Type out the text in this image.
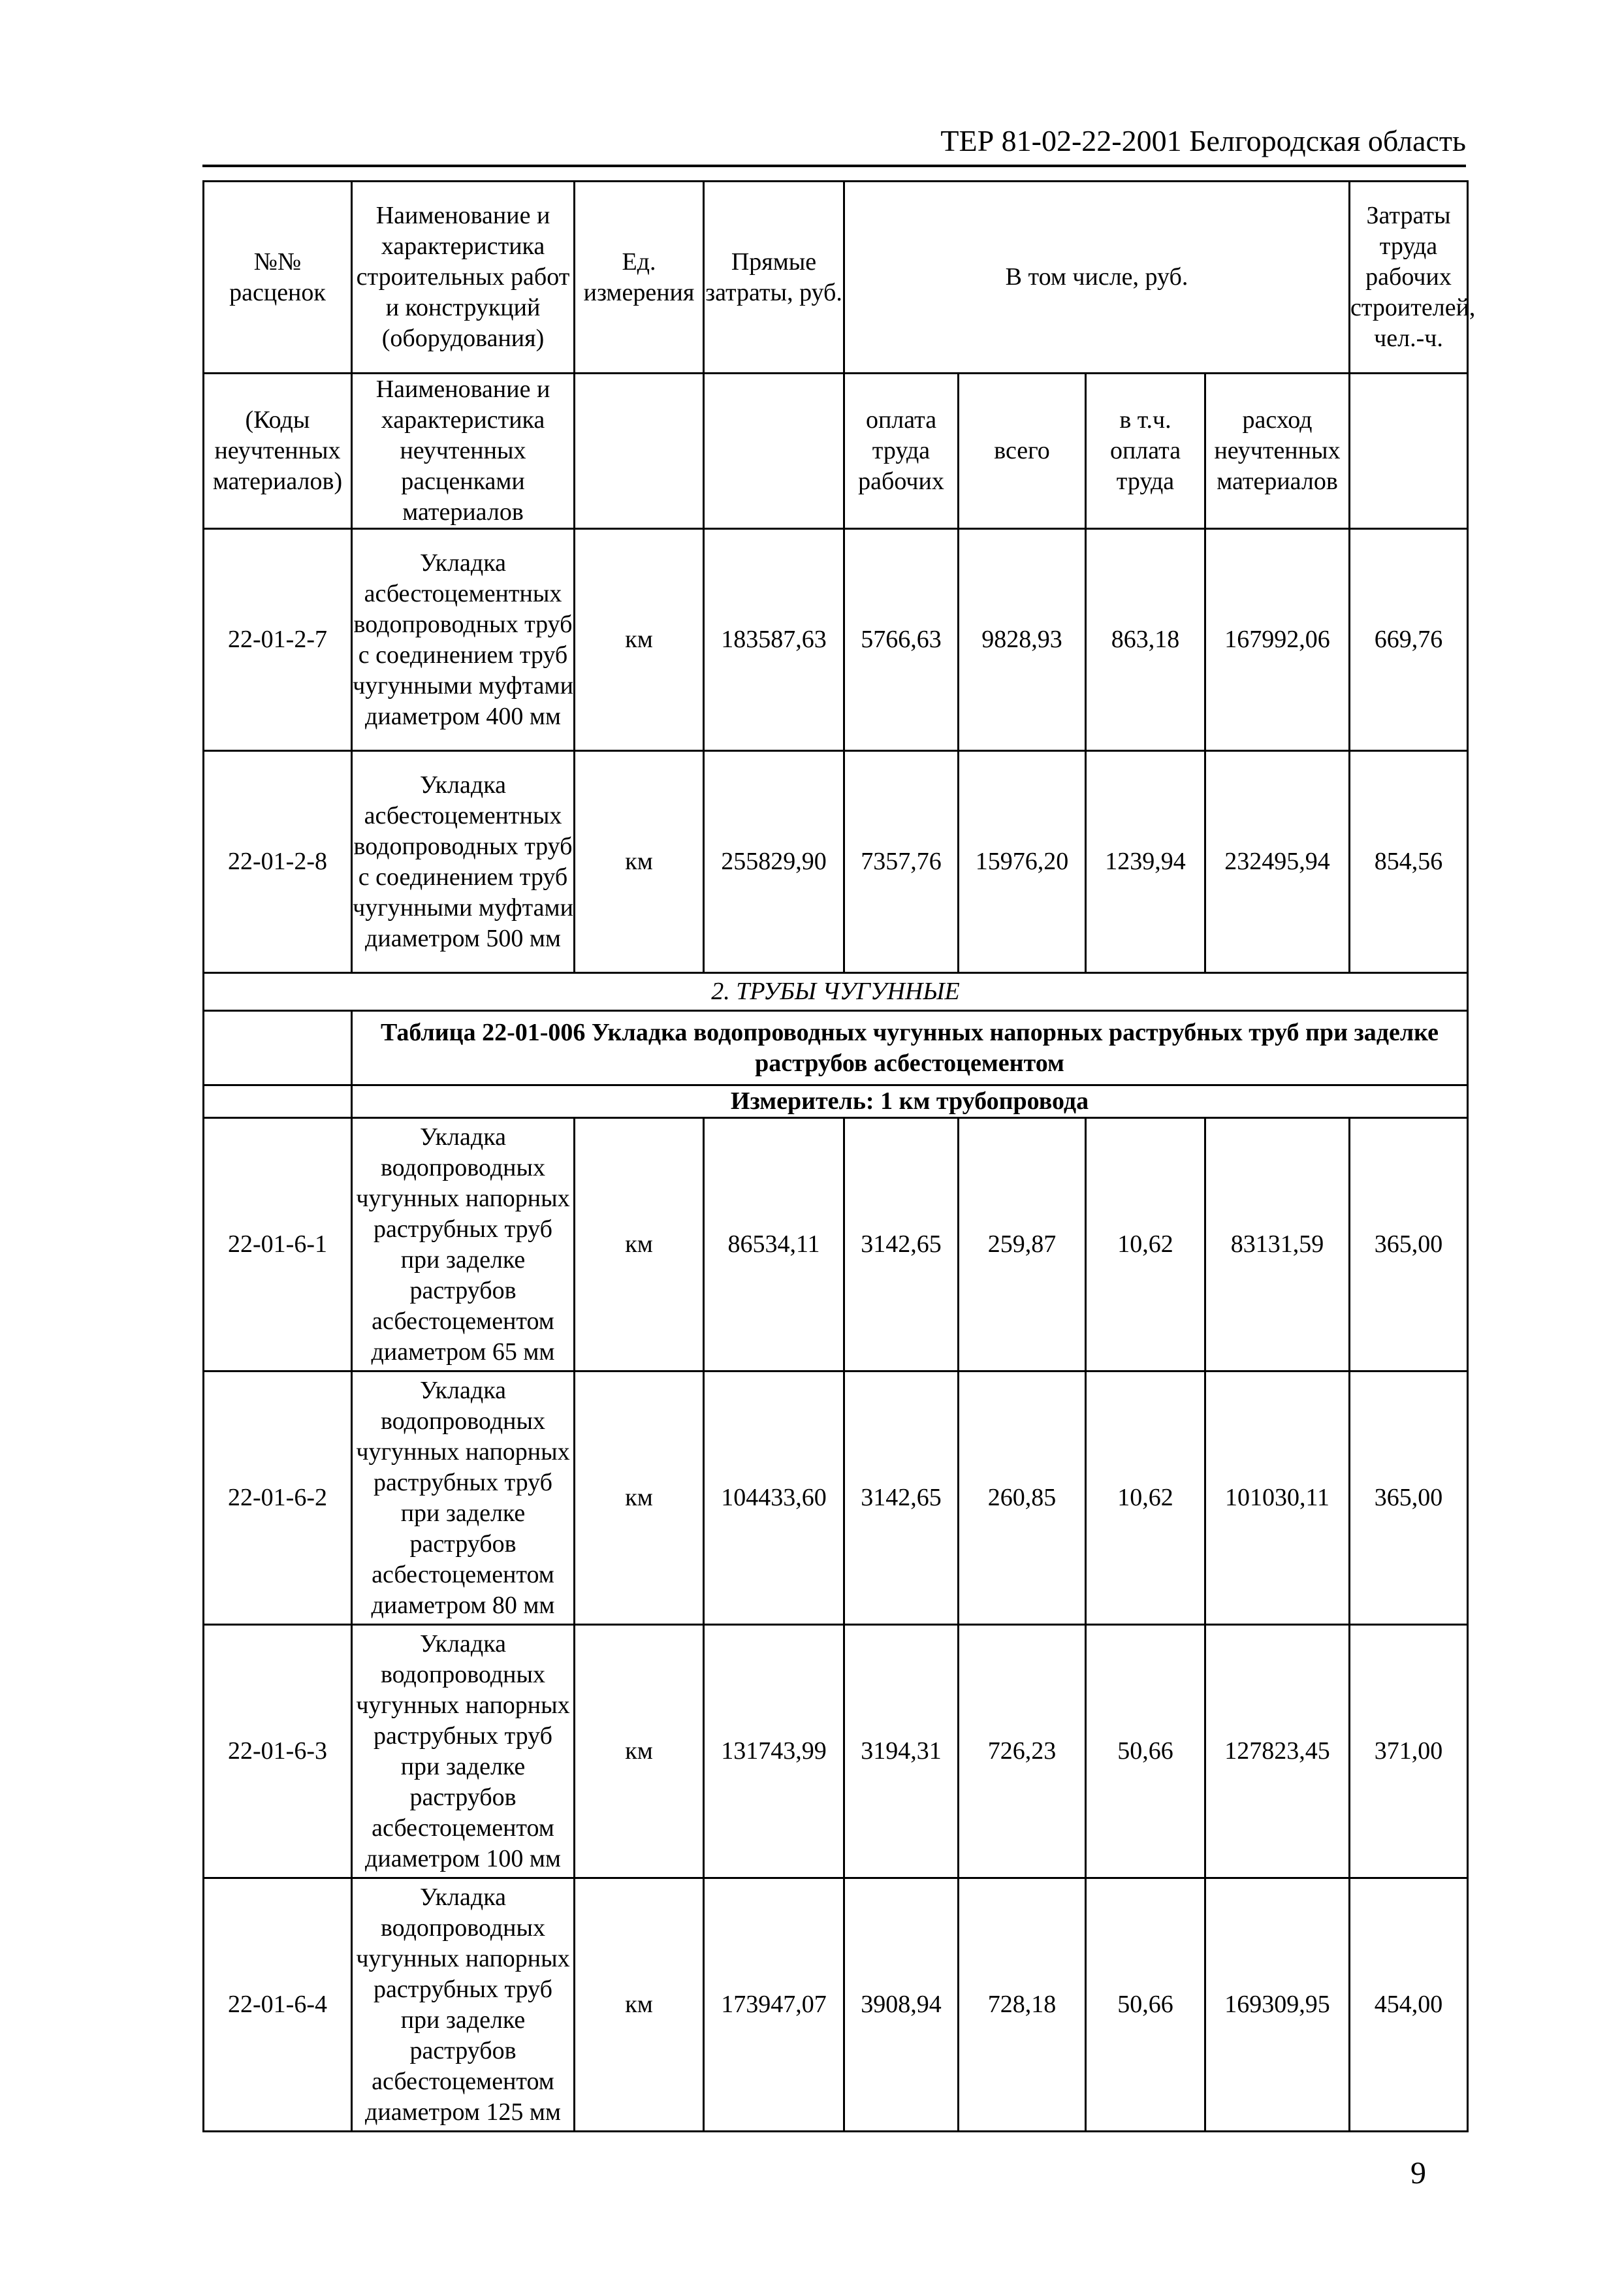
ТЕР 81-02-22-2001 Белгородская область
№№ расценок	Наименование и характеристика строительных работ и конструкций (оборудования)	Ед. измерения	Прямые затраты, руб.	В том числе, руб.				Затраты труда рабочих строителей, чел.-ч.

(Коды неучтенных материалов)	Наименование и характеристика неучтенных расценками материалов			оплата труда рабочих	всего	в т.ч. оплата труда	расход неучтенных материалов	
22-01-2-7	Укладка асбестоцементных водопроводных труб с соединением труб чугунными муфтами диаметром 400 мм	км	183587,63	5766,63	9828,93	863,18	167992,06	669,76
22-01-2-8	Укладка асбестоцементных водопроводных труб с соединением труб чугунными муфтами диаметром 500 мм	км	255829,90	7357,76	15976,20	1239,94	232495,94	854,56
2. ТРУБЫ ЧУГУННЫЕ								
	Таблица 22-01-006 Укладка водопроводных чугунных напорных раструбных труб при заделке раструбов асбестоцементом							
	Измеритель: 1 км трубопровода							
22-01-6-1	Укладка водопроводных чугунных напорных раструбных труб при заделке раструбов асбестоцементом диаметром 65 мм	км	86534,11	3142,65	259,87	10,62	83131,59	365,00
22-01-6-2	Укладка водопроводных чугунных напорных раструбных труб при заделке раструбов асбестоцементом диаметром 80 мм	км	104433,60	3142,65	260,85	10,62	101030,11	365,00
22-01-6-3	Укладка водопроводных чугунных напорных раструбных труб при заделке раструбов асбестоцементом диаметром 100 мм	км	131743,99	3194,31	726,23	50,66	127823,45	371,00
22-01-6-4	Укладка водопроводных чугунных напорных раструбных труб при заделке раструбов асбестоцементом диаметром 125 мм	км	173947,07	3908,94	728,18	50,66	169309,95	454,00
9
